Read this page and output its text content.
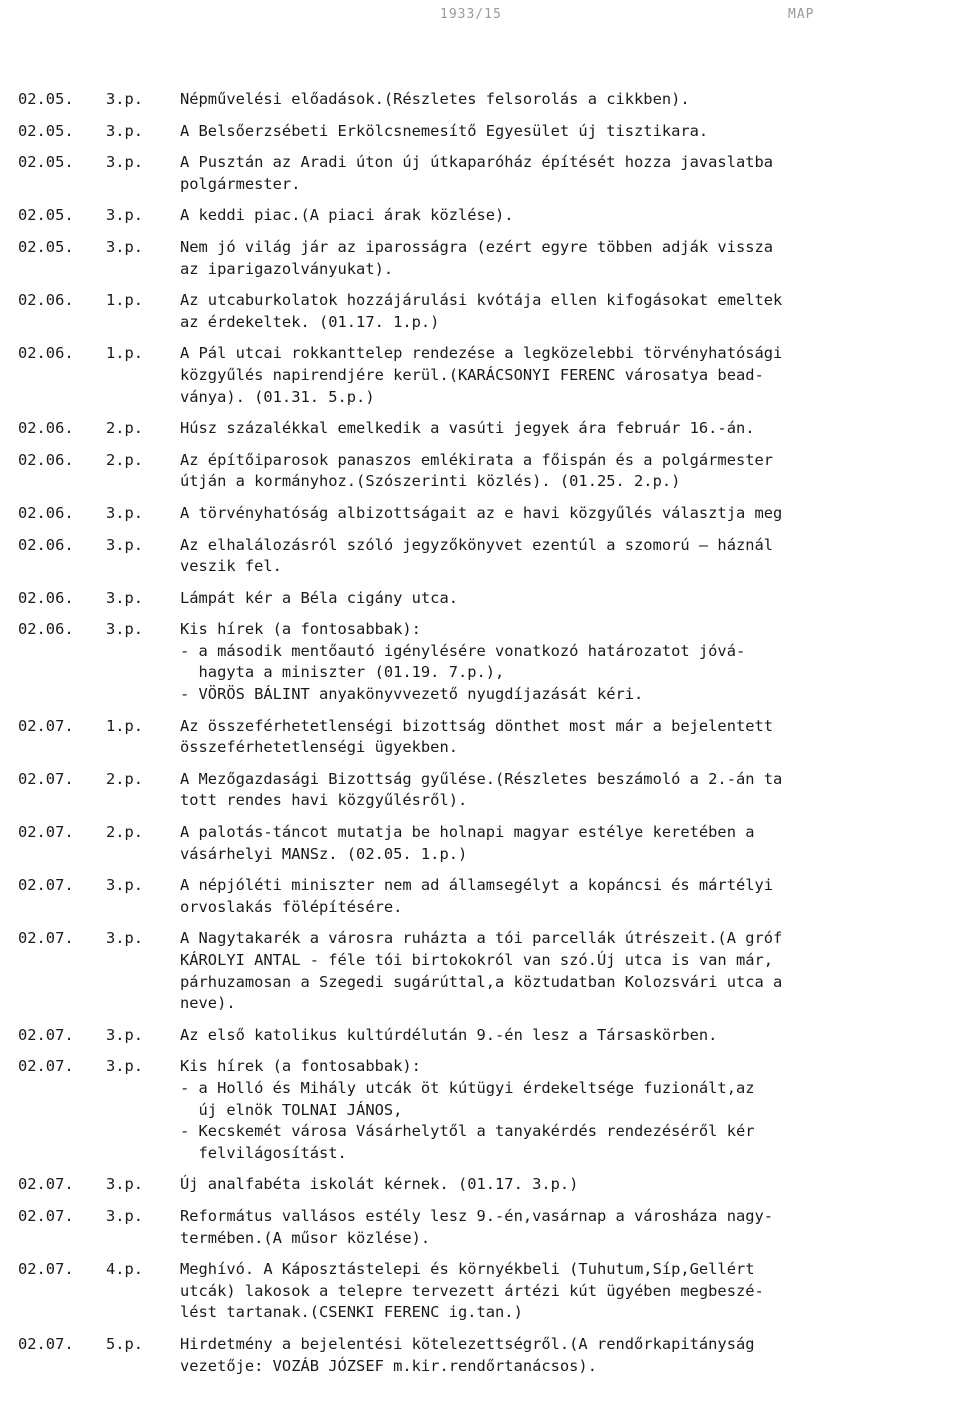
1933/15	MAP
02.05.	3.p.	Népművelési előadások.(Részletes felsorolás a cikkben).
02.05.	3.p.	A Belsőerzsébeti Erkölcsnemesítő Egyesület új tisztikara.
02.05.	3.p.	A Pusztán az Aradi úton új útkaparóház építését hozza javaslatba
polgármester.
02.05.	3.p.	A keddi piac.(A piaci árak közlése).
02.05.	3.p.	Nem jó világ jár az iparosságra (ezért egyre többen adják vissza
az iparigazolványukat).
02.06.	1.p.	Az utcaburkolatok hozzájárulási kvótája ellen kifogásokat emeltek
az érdekeltek. (01.17. 1.p.)
02.06.	1.p.	A Pál utcai rokkanttelep rendezése a legközelebbi törvényhatósági
közgyűlés napirendjére kerül.(KARÁCSONYI FERENC városatya bead-
ványa). (01.31. 5.p.)
02.06.	2.p.	Húsz százalékkal emelkedik a vasúti jegyek ára február 16.-án.
02.06.	2.p.	Az építőiparosok panaszos emlékirata a főispán és a polgármester
útján a kormányhoz.(Szószerinti közlés). (01.25. 2.p.)
02.06.	3.p.	A törvényhatóság albizottságait az e havi közgyűlés választja meg
02.06.	3.p.	Az elhalálozásról szóló jegyzőkönyvet ezentúl a szomorú — háznál
veszik fel.
02.06.	3.p.	Lámpát kér a Béla cigány utca.
02.06.	3.p.	Kis hírek (a fontosabbak):
- a második mentőautó igénylésére vonatkozó határozatot jóvá-
hagyta a miniszter (01.19. 7.p.),
- VÖRÖS BÁLINT anyakönyvvezető nyugdíjazását kéri.
02.07.	1.p.	Az összeférhetetlenségi bizottság dönthet most már a bejelentett
összeférhetetlenségi ügyekben.
02.07.	2.p.	A Mezőgazdasági Bizottság gyűlése.(Részletes beszámoló a 2.-án ta
tott rendes havi közgyűlésről).
02.07.	2.p.	A palotás-táncot mutatja be holnapi magyar estélye keretében a
vásárhelyi MANSz. (02.05. 1.p.)
02.07.	3.p.	A népjóléti miniszter nem ad államsegélyt a kopáncsi és mártélyi
orvoslakás fölépítésére.
02.07.	3.p.	A Nagytakarék a városra ruházta a tói parcellák útrészeit.(A gróf
KÁROLYI ANTAL - féle tói birtokokról van szó.Új utca is van már,
párhuzamosan a Szegedi sugárúttal,a köztudatban Kolozsvári utca a
neve).
02.07.	3.p.	Az első katolikus kultúrdélután 9.-én lesz a Társaskörben.
02.07.	3.p.	Kis hírek (a fontosabbak):
- a Holló és Mihály utcák öt kútügyi érdekeltsége fuzionált,az
új elnök TOLNAI JÁNOS,
- Kecskemét városa Vásárhelytől a tanyakérdés rendezéséről kér
felvilágosítást.
02.07.	3.p.	Új analfabéta iskolát kérnek. (01.17. 3.p.)
02.07.	3.p.	Református vallásos estély lesz 9.-én,vasárnap a városháza nagy-
termében.(A műsor közlése).
02.07.	4.p.	Meghívó. A Káposztástelepi és környékbeli (Tuhutum,Síp,Gellért
utcák) lakosok a telepre tervezett ártézi kút ügyében megbeszé-
lést tartanak.(CSENKI FERENC ig.tan.)
02.07.	5.p.	Hirdetmény a bejelentési kötelezettségről.(A rendőrkapitányság
vezetője: VOZÁB JÓZSEF m.kir.rendőrtanácsos).
